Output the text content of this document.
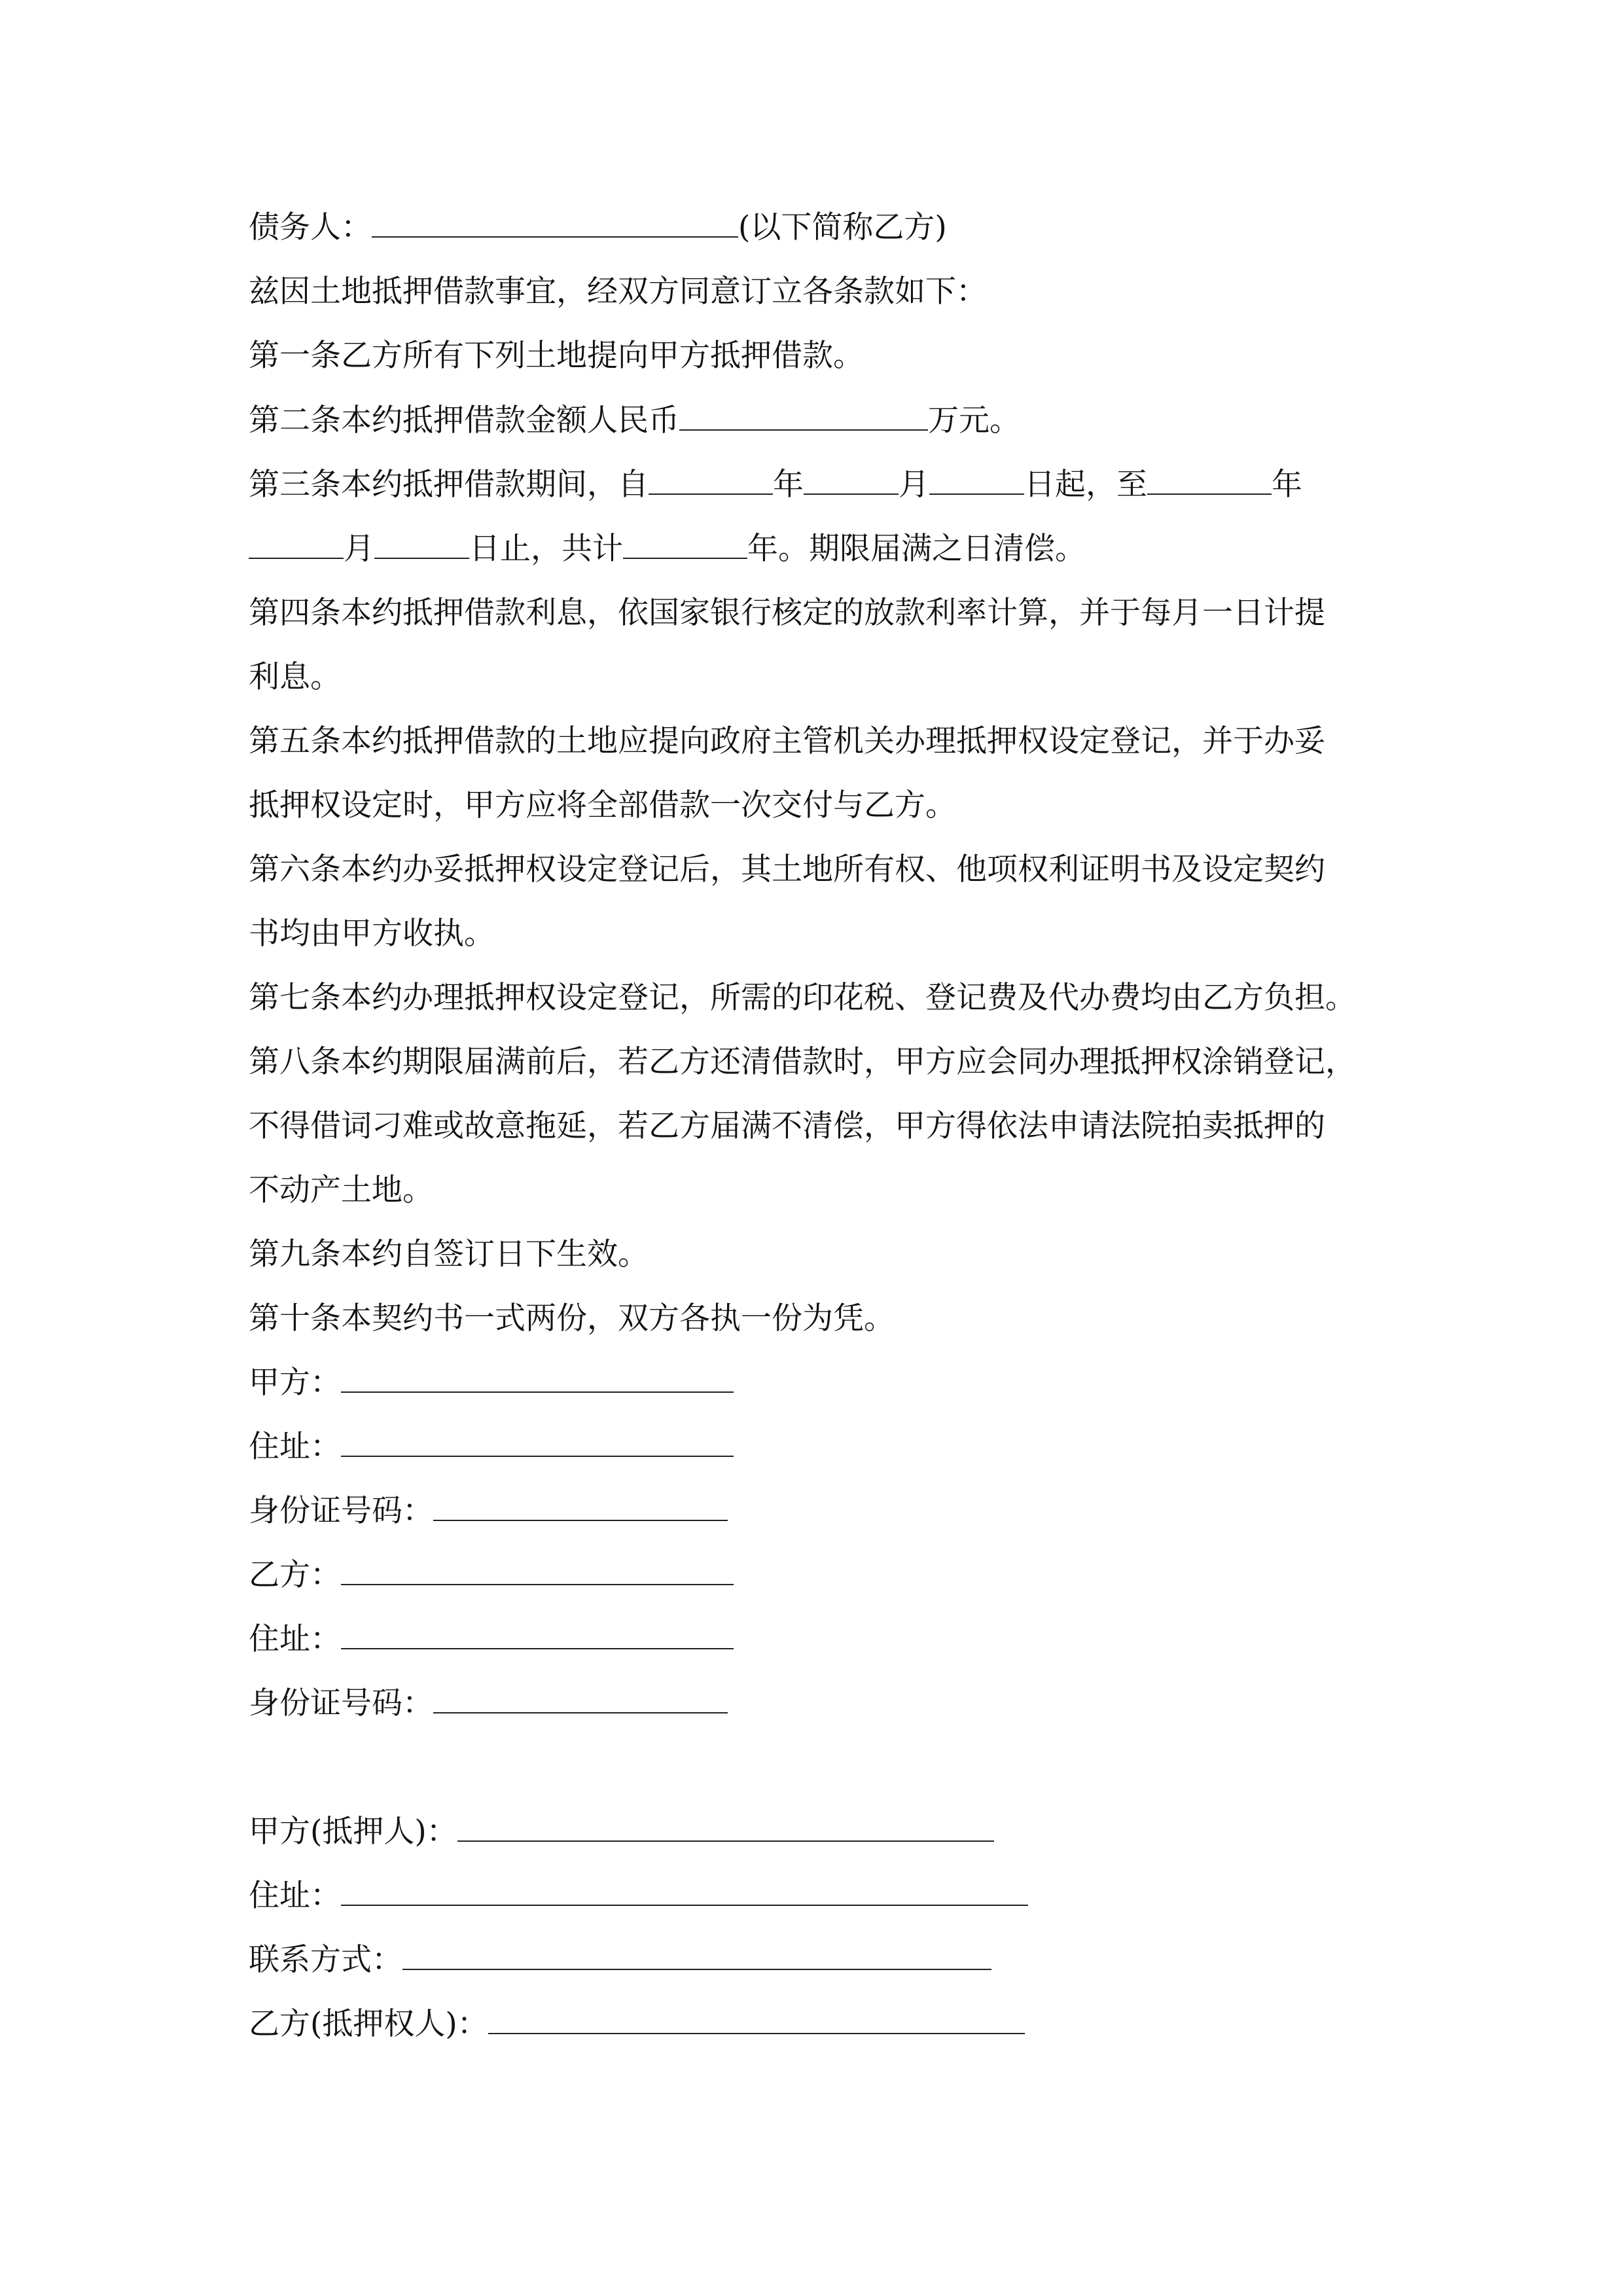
债务人：	(以下简称乙方)
兹因土地抵押借款事宜，经双方同意订立各条款如下：
第一条乙方所有下列土地提向甲方抵押借款。
第二条本约抵押借款金额人民币	万元。
第三条本约抵押借款期间，自	年	月	日起，至	年
月	日止，共计	年。期限届满之日清偿。
第四条本约抵押借款利息，依国家银行核定的放款利率计算，并于每月一日计提
利息。
第五条本约抵押借款的土地应提向政府主管机关办理抵押权设定登记，并于办妥
抵押权设定时，甲方应将全部借款一次交付与乙方。
第六条本约办妥抵押权设定登记后，其土地所有权、他项权利证明书及设定契约
书均由甲方收执。
第七条本约办理抵押权设定登记，所需的印花税、登记费及代办费均由乙方负担。
第八条本约期限届满前后，若乙方还清借款时，甲方应会同办理抵押权涂销登记，
不得借词刁难或故意拖延，若乙方届满不清偿，甲方得依法申请法院拍卖抵押的
不动产土地。
第九条本约自签订日下生效。
第十条本契约书一式两份，双方各执一份为凭。
甲方：
住址：
身份证号码：
乙方：
住址：
身份证号码：
甲方(抵押人)：
住址：
联系方式：
乙方(抵押权人)：
